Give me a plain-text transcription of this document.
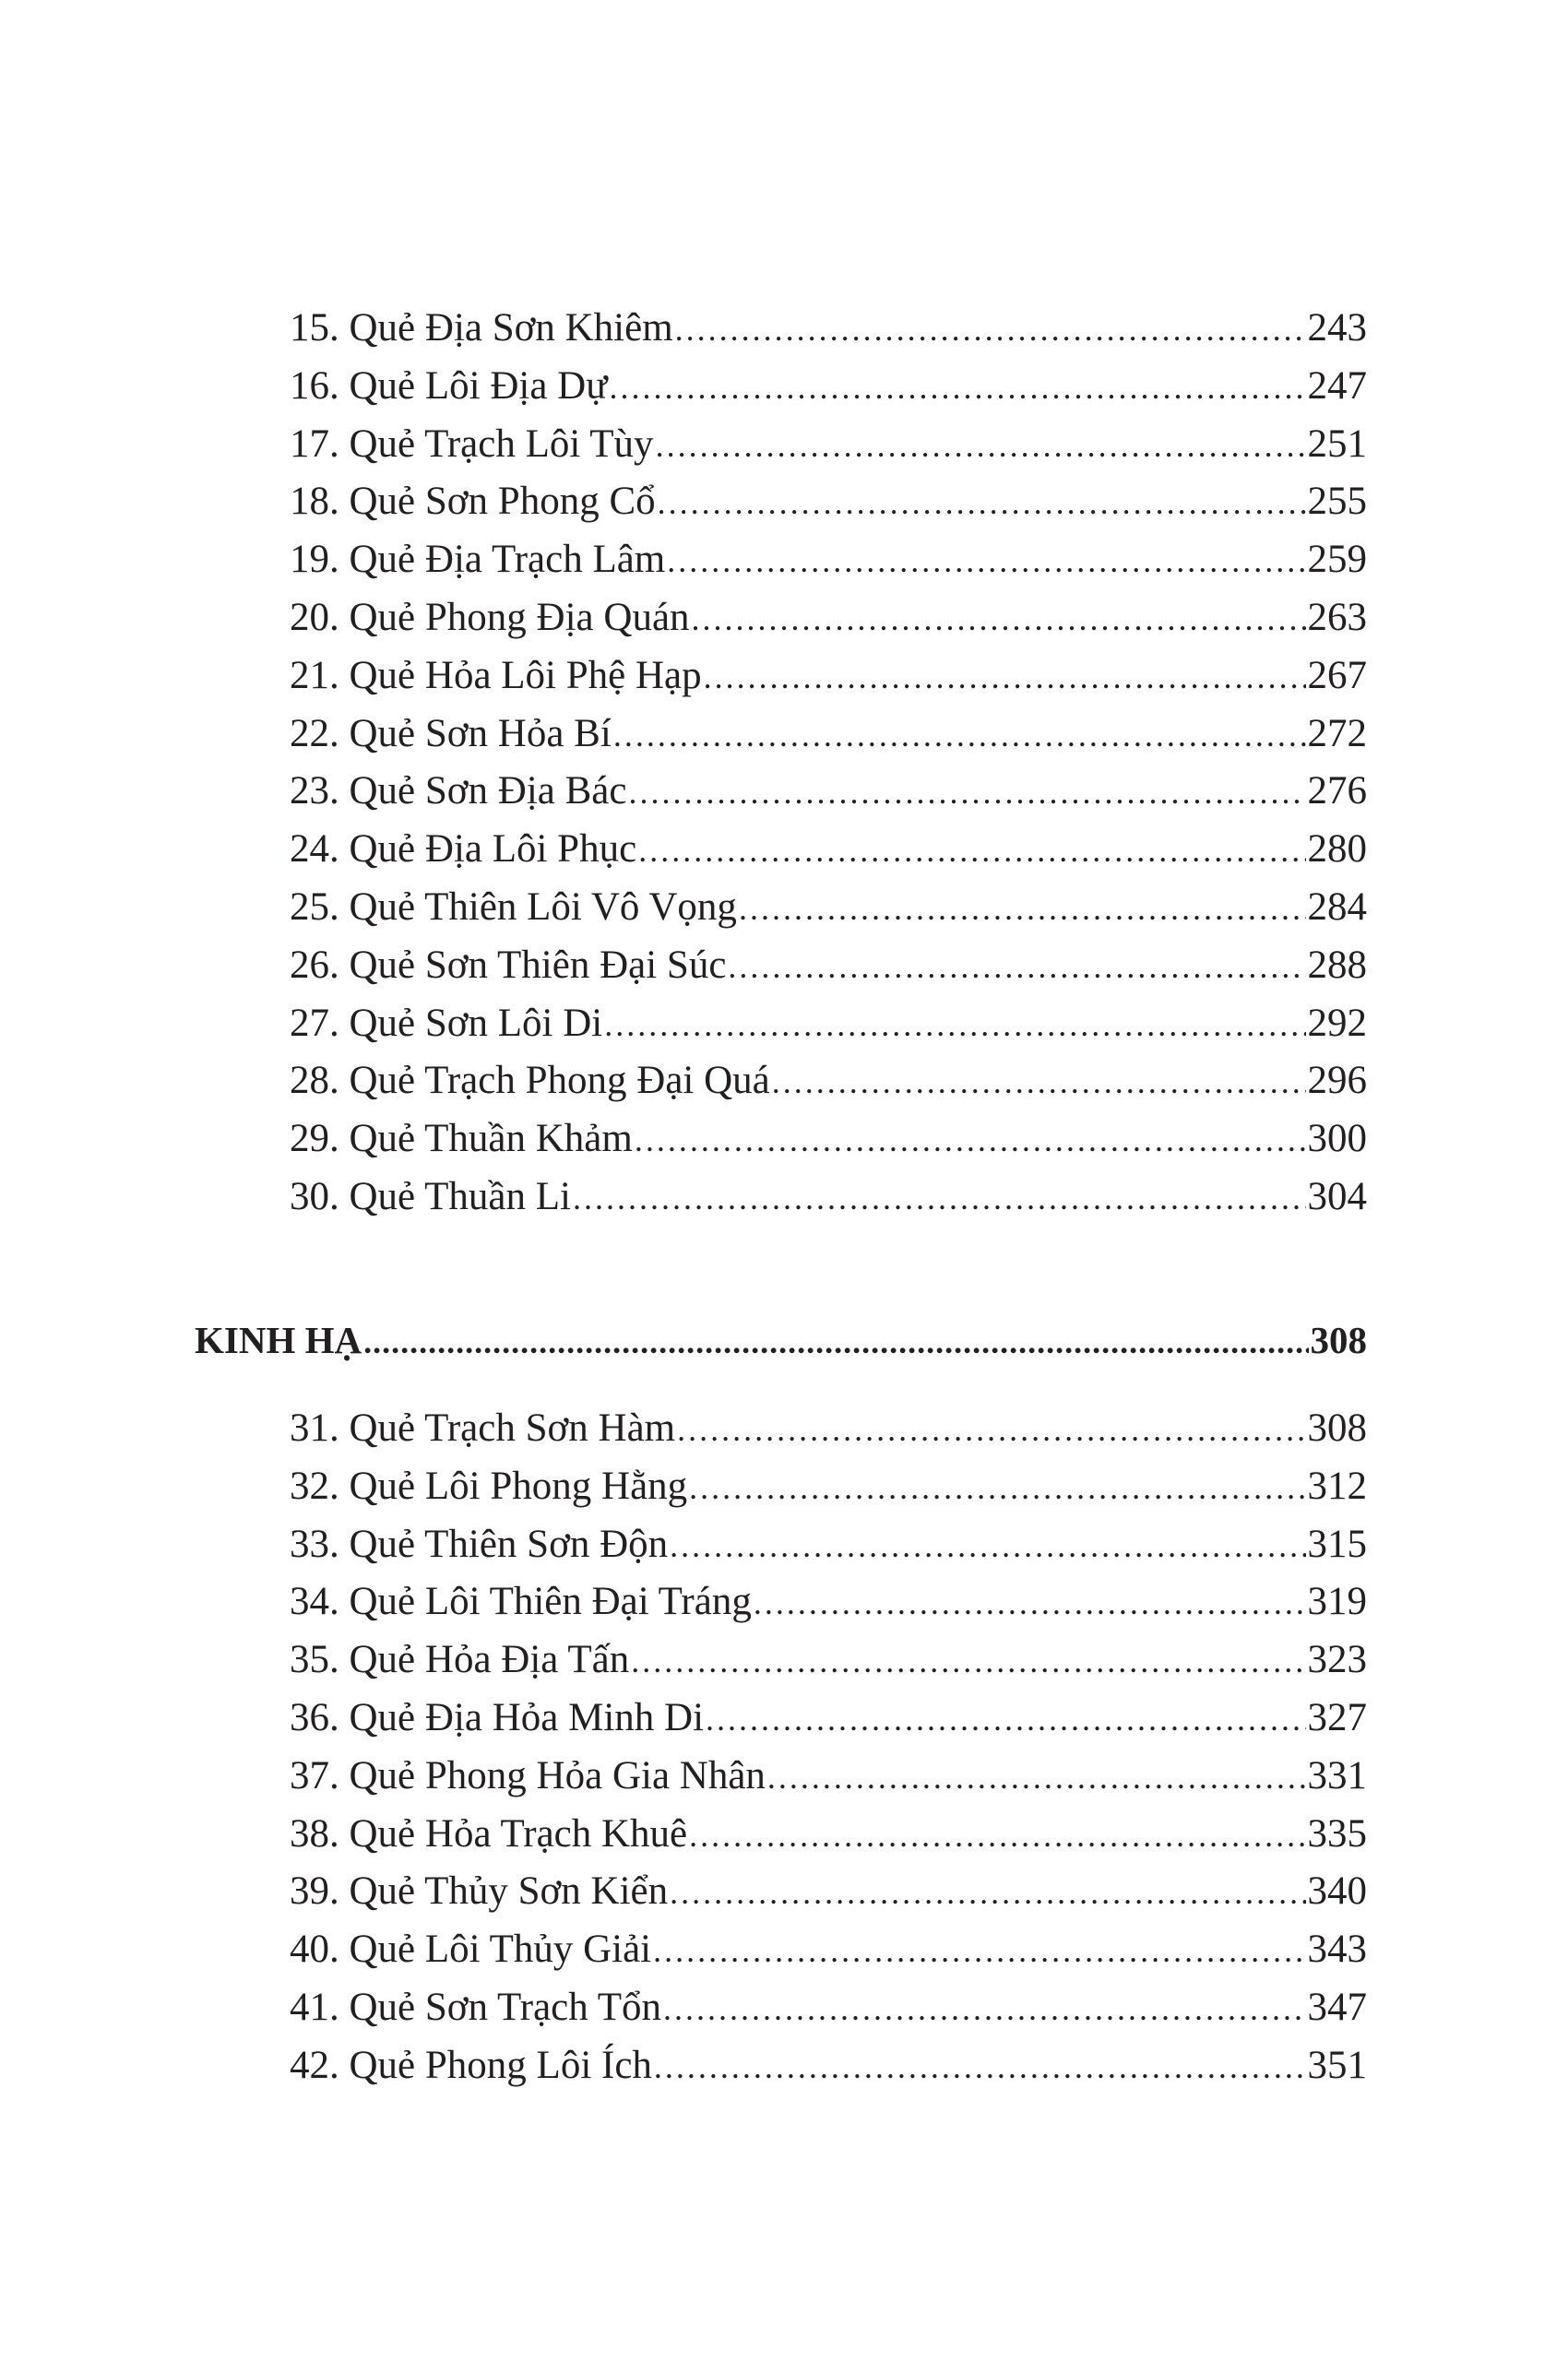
15. Quẻ Địa Sơn Khiêm .....	243
16. Quẻ Lôi Địa Dự .....	247
17. Quẻ Trạch Lôi Tùy .....	251
18. Quẻ Sơn Phong Cổ .....	255
19. Quẻ Địa Trạch Lâm .....	259
20. Quẻ Phong Địa Quán .....	263
21. Quẻ Hỏa Lôi Phệ Hạp .....	267
22. Quẻ Sơn Hỏa Bí .....	272
23. Quẻ Sơn Địa Bác .....	276
24. Quẻ Địa Lôi Phục .....	280
25. Quẻ Thiên Lôi Vô Vọng .....	284
26. Quẻ Sơn Thiên Đại Súc .....	288
27. Quẻ Sơn Lôi Di .....	292
28. Quẻ Trạch Phong Đại Quá .....	296
29. Quẻ Thuần Khảm .....	300
30. Quẻ Thuần Li .....	304
KINH HẠ .....	308
31. Quẻ Trạch Sơn Hàm .....	308
32. Quẻ Lôi Phong Hằng .....	312
33. Quẻ Thiên Sơn Độn .....	315
34. Quẻ Lôi Thiên Đại Tráng .....	319
35. Quẻ Hỏa Địa Tấn .....	323
36. Quẻ Địa Hỏa Minh Di .....	327
37. Quẻ Phong Hỏa Gia Nhân .....	331
38. Quẻ Hỏa Trạch Khuê .....	335
39. Quẻ Thủy Sơn Kiển .....	340
40. Quẻ Lôi Thủy Giải .....	343
41. Quẻ Sơn Trạch Tổn .....	347
42. Quẻ Phong Lôi Ích .....	351
